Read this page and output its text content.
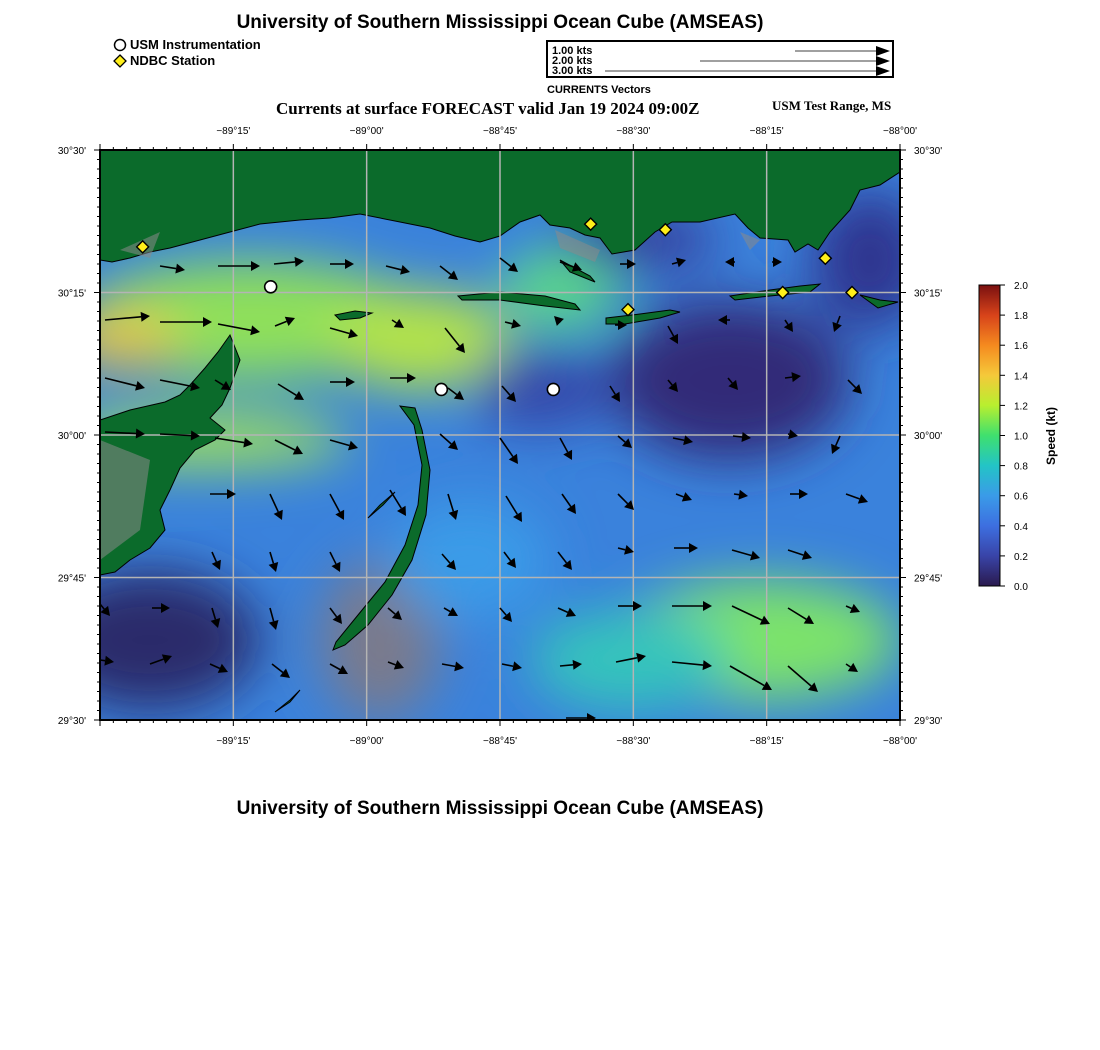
University of Southern Mississippi Ocean Cube (AMSEAS)
USM Instrumentation
NDBC Station
1.00 kts
2.00 kts
3.00 kts
CURRENTS Vectors
Currents at surface FORECAST valid Jan 19 2024 09:00Z	USM Test Range, MS
−89°15'	−89°00'	−88°45'	−88°30'	−88°15'	−88°00'
−89°15'	−89°00'	−88°45'	−88°30'	−88°15'	−88°00'
30°30'
30°15'
30°00'
29°45'
29°30'
30°30'
30°15'
30°00'
29°45'
29°30'
2.0
1.8
1.6
1.4
1.2
1.0
0.8
0.6
0.4
0.2
0.0
Speed (kt)
University of Southern Mississippi Ocean Cube (AMSEAS)
